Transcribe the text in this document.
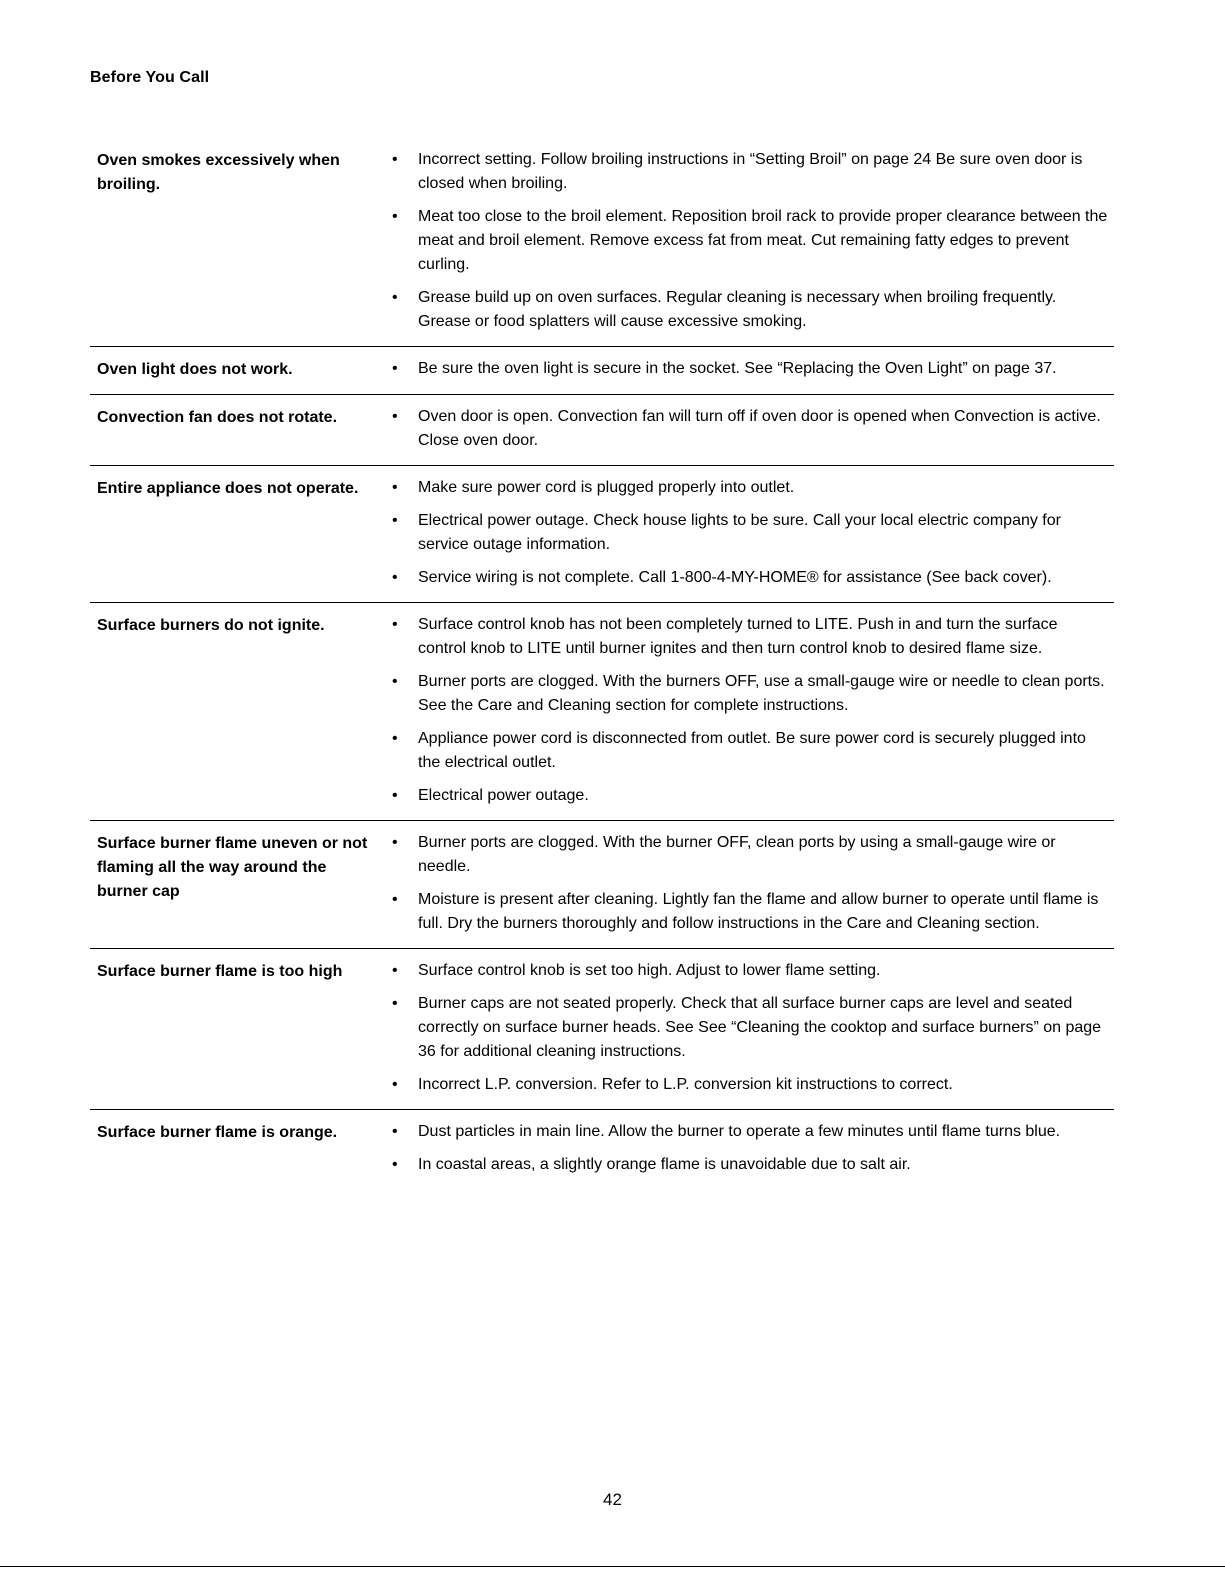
Before You Call
Oven smokes excessively when broiling.
•	Incorrect setting. Follow broiling instructions in “Setting Broil” on page 24 Be sure oven door is closed when broiling.
•	Meat too close to the broil element. Reposition broil rack to provide proper clearance between the meat and broil element. Remove excess fat from meat. Cut remaining fatty edges to prevent curling.
•	Grease build up on oven surfaces. Regular cleaning is necessary when broiling frequently. Grease or food splatters will cause excessive smoking.
Oven light does not work.	•	Be sure the oven light is secure in the socket. See “Replacing the Oven Light” on page 37.
Convection fan does not rotate.	•	Oven door is open. Convection fan will turn off if oven door is opened when Convection is active. Close oven door.
Entire appliance does not operate.	•	Make sure power cord is plugged properly into outlet.
•	Electrical power outage. Check house lights to be sure. Call your local electric company for service outage information.
•	Service wiring is not complete. Call 1-800-4-MY-HOME® for assistance (See back cover).
Surface burners do not ignite.	•	Surface control knob has not been completely turned to LITE. Push in and turn the surface control knob to LITE until burner ignites and then turn control knob to desired flame size.
•	Burner ports are clogged. With the burners OFF, use a small-gauge wire or needle to clean ports. See the Care and Cleaning section for complete instructions.
•	Appliance power cord is disconnected from outlet. Be sure power cord is securely plugged into the electrical outlet.
•	Electrical power outage.
Surface burner flame uneven or not flaming all the way around the burner cap
•	Burner ports are clogged. With the burner OFF, clean ports by using a small-gauge wire or needle.
•	Moisture is present after cleaning. Lightly fan the flame and allow burner to operate until flame is full. Dry the burners thoroughly and follow instructions in the Care and Cleaning section.
Surface burner flame is too high	•	Surface control knob is set too high. Adjust to lower flame setting.
•	Burner caps are not seated properly. Check that all surface burner caps are level and seated correctly on surface burner heads. See See “Cleaning the cooktop and surface burners” on page 36 for additional cleaning instructions.
•	Incorrect L.P. conversion. Refer to L.P. conversion kit instructions to correct.
Surface burner flame is orange.	•	Dust particles in main line. Allow the burner to operate a few minutes until flame turns blue.
•	In coastal areas, a slightly orange flame is unavoidable due to salt air.
42
